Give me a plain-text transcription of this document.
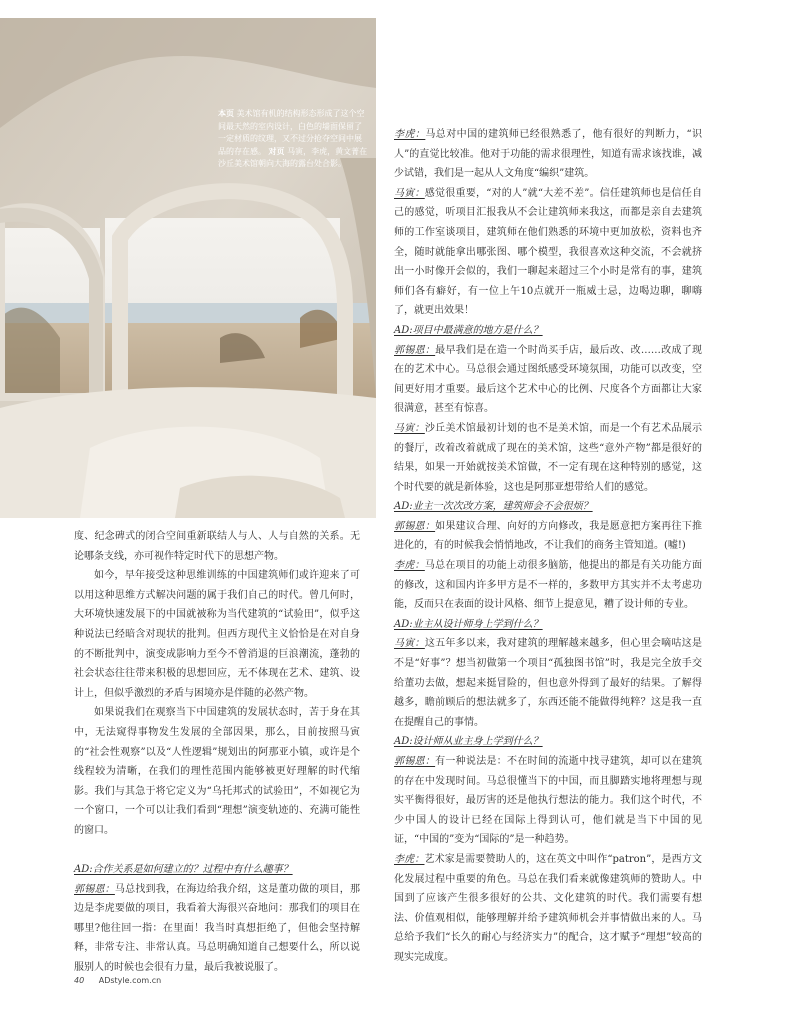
本页 美术馆有机的结构形态形成了这个空间最天然的室内设计，白色的墙面保留了一定材质的纹理，又不过分抢夺空间中展品的存在感。 对页 马寅，李虎，黄文菁在沙丘美术馆朝向大海的露台处合影。

度、纪念碑式的闭合空间重新联结人与人、人与自然的关系。无论哪条支线，亦可视作特定时代下的思想产物。

如今，早年接受这种思维训练的中国建筑师们或许迎来了可以用这种思维方式解决问题的属于我们自己的时代。曾几何时，大环境快速发展下的中国就被称为当代建筑的“试验田”，似乎这种说法已经暗含对现状的批判。但西方现代主义恰恰是在对自身的不断批判中，演变成影响力至今不曾消退的巨浪潮流，蓬勃的社会状态往往带来积极的思想回应，无不体现在艺术、建筑、设计上，但似乎激烈的矛盾与困境亦是伴随的必然产物。

如果说我们在观察当下中国建筑的发展状态时，苦于身在其中，无法窥得事物发生发展的全部因果，那么，目前按照马寅的“社会性观察”以及“人性逻辑”规划出的阿那亚小镇，或许是个线程较为清晰，在我们的理性范围内能够被更好理解的时代缩影。我们与其急于将它定义为“乌托邦式的试验田”，不如视它为一个窗口，一个可以让我们看到“理想”演变轨迹的、充满可能性的窗口。

AD:合作关系是如何建立的？过程中有什么趣事？

郭锡恩：马总找到我，在海边给我介绍，这是董功做的项目，那边是李虎要做的项目，我看着大海很兴奋地问：那我们的项目在哪里?他往回一指：在里面！我当时真想拒绝了，但他会坚持解释，非常专注、非常认真。马总明确知道自己想要什么，所以说服别人的时候也会很有力量，最后我被说服了。

李虎：马总对中国的建筑师已经很熟悉了，他有很好的判断力，“识人”的直觉比较准。他对于功能的需求很理性，知道有需求该找谁，减少试错，我们是一起从人文角度“编织”建筑。

马寅：感觉很重要，“对的人”就“大差不差”。信任建筑师也是信任自己的感觉，听项目汇报我从不会让建筑师来我这，而都是亲自去建筑师的工作室谈项目，建筑师在他们熟悉的环境中更加放松，资料也齐全，随时就能拿出哪张图、哪个模型，我很喜欢这种交流，不会就挤出一小时像开会似的，我们一聊起来超过三个小时是常有的事，建筑师们各有癖好，有一位上午10点就开一瓶威士忌，边喝边聊，聊嗨了，就更出效果！

AD:项目中最满意的地方是什么？

郭锡恩：最早我们是在造一个时尚买手店，最后改、改……改成了现在的艺术中心。马总很会通过图纸感受环境氛围，功能可以改变，空间更好用才重要。最后这个艺术中心的比例、尺度各个方面都让大家很满意，甚至有惊喜。

马寅：沙丘美术馆最初计划的也不是美术馆，而是一个有艺术品展示的餐厅，改着改着就成了现在的美术馆，这些“意外产物”都是很好的结果，如果一开始就按美术馆做，不一定有现在这种特别的感觉，这个时代要的就是新体验，这也是阿那亚想带给人们的感觉。

AD:业主一次次改方案，建筑师会不会很烦？

郭锡恩：如果建议合理、向好的方向修改，我是愿意把方案再往下推进化的，有的时候我会悄悄地改，不让我们的商务主管知道。(嘘!)

李虎：马总在项目的功能上动很多脑筋，他提出的都是有关功能方面的修改，这和国内许多甲方是不一样的，多数甲方其实并不太考虑功能，反而只在表面的设计风格、细节上提意见，糟了设计师的专业。

AD:业主从设计师身上学到什么？

马寅：这五年多以来，我对建筑的理解越来越多，但心里会嘀咕这是不是“好事”？想当初做第一个项目“孤独图书馆”时，我是完全放手交给董功去做，想起来挺冒险的，但也意外得到了最好的结果。了解得越多，瞻前顾后的想法就多了，东西还能不能做得纯粹？这是我一直在提醒自己的事情。

AD:设计师从业主身上学到什么？

郭锡恩：有一种说法是：不在时间的流逝中找寻建筑，却可以在建筑的存在中发现时间。马总很懂当下的中国，而且脚踏实地将理想与现实平衡得很好，最厉害的还是他执行想法的能力。我们这个时代，不少中国人的设计已经在国际上得到认可，他们就是当下中国的见证，“中国的”变为“国际的”是一种趋势。

李虎：艺术家是需要赞助人的，这在英文中叫作“patron”，是西方文化发展过程中重要的角色。马总在我们看来就像建筑师的赞助人。中国到了应该产生很多很好的公共、文化建筑的时代。我们需要有想法、价值观相似，能够理解并给予建筑师机会并事情做出来的人。马总给予我们“长久的耐心与经济实力”的配合，这才赋予“理想”较高的现实完成度。

40 ADstyle.com.cn
